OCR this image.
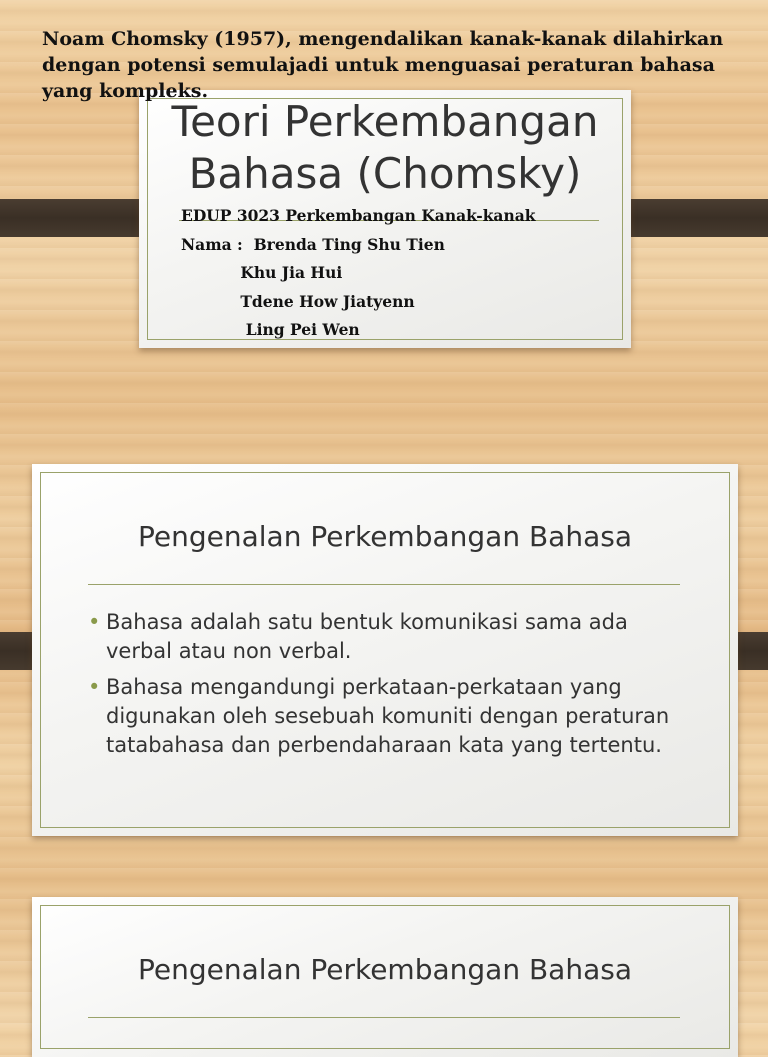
Noam Chomsky (1957), mengendalikan kanak-kanak dilahirkan dengan potensi semulajadi untuk menguasai peraturan bahasa yang kompleks.
Teori Perkembangan
Bahasa (Chomsky)
EDUP 3023 Perkembangan Kanak-kanak
Nama :  Brenda Ting Shu Tien
Khu Jia Hui
Tdene How Jiatyenn
Ling Pei Wen
Pengenalan Perkembangan Bahasa
• Bahasa adalah satu bentuk komunikasi sama ada verbal atau non verbal.
• Bahasa mengandungi perkataan-perkataan yang digunakan oleh sesebuah komuniti dengan peraturan tatabahasa dan perbendaharaan kata yang tertentu.
Pengenalan Perkembangan Bahasa
